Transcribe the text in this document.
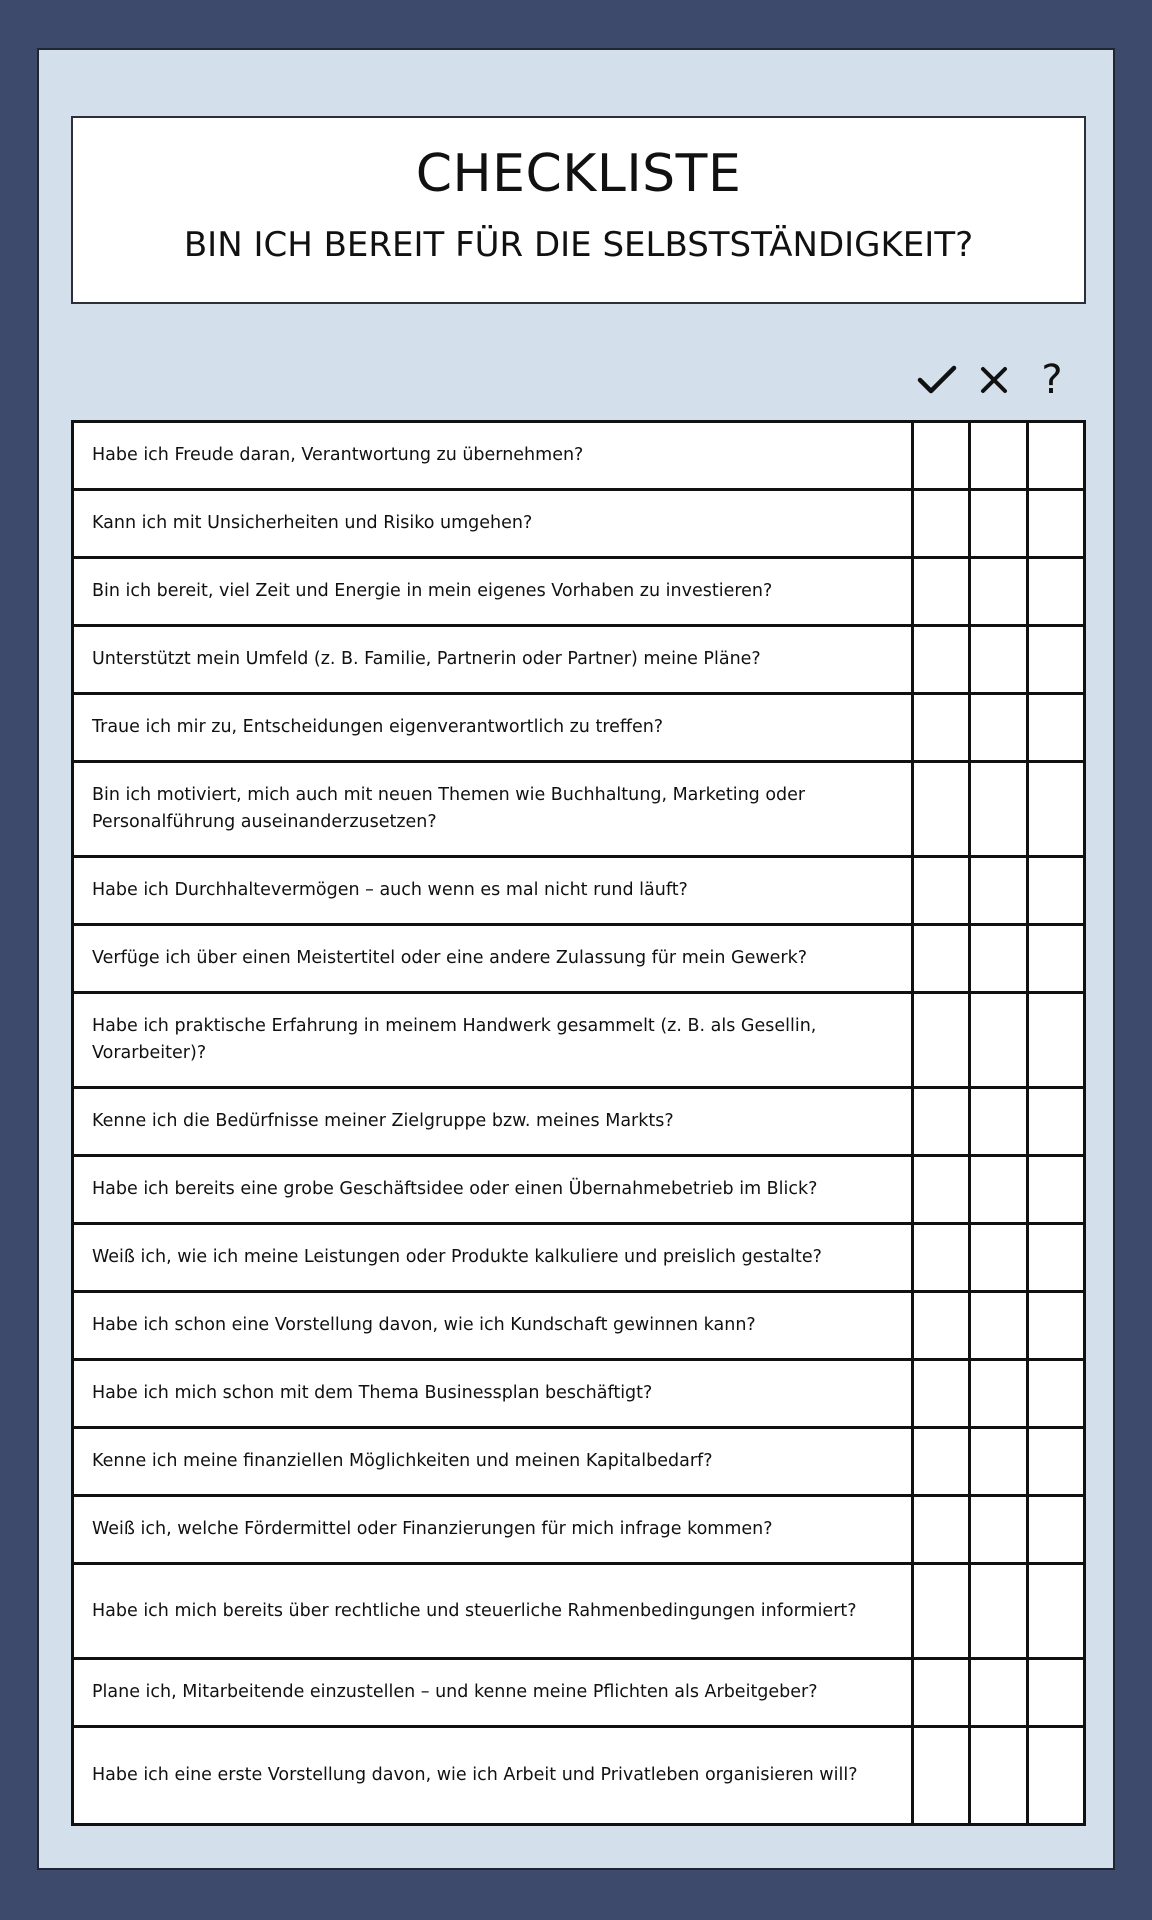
CHECKLISTE
BIN ICH BEREIT FÜR DIE SELBSTSTÄNDIGKEIT?
?
Habe ich Freude daran, Verantwortung zu übernehmen?
Kann ich mit Unsicherheiten und Risiko umgehen?
Bin ich bereit, viel Zeit und Energie in mein eigenes Vorhaben zu investieren?
Unterstützt mein Umfeld (z. B. Familie, Partnerin oder Partner) meine Pläne?
Traue ich mir zu, Entscheidungen eigenverantwortlich zu treffen?
Bin ich motiviert, mich auch mit neuen Themen wie Buchhaltung, Marketing oder Personalführung auseinanderzusetzen?
Habe ich Durchhaltevermögen – auch wenn es mal nicht rund läuft?
Verfüge ich über einen Meistertitel oder eine andere Zulassung für mein Gewerk?
Habe ich praktische Erfahrung in meinem Handwerk gesammelt (z. B. als Gesellin, Vorarbeiter)?
Kenne ich die Bedürfnisse meiner Zielgruppe bzw. meines Markts?
Habe ich bereits eine grobe Geschäftsidee oder einen Übernahmebetrieb im Blick?
Weiß ich, wie ich meine Leistungen oder Produkte kalkuliere und preislich gestalte?
Habe ich schon eine Vorstellung davon, wie ich Kundschaft gewinnen kann?
Habe ich mich schon mit dem Thema Businessplan beschäftigt?
Kenne ich meine finanziellen Möglichkeiten und meinen Kapitalbedarf?
Weiß ich, welche Fördermittel oder Finanzierungen für mich infrage kommen?
Habe ich mich bereits über rechtliche und steuerliche Rahmenbedingungen informiert?
Plane ich, Mitarbeitende einzustellen – und kenne meine Pflichten als Arbeitgeber?
Habe ich eine erste Vorstellung davon, wie ich Arbeit und Privatleben organisieren will?
